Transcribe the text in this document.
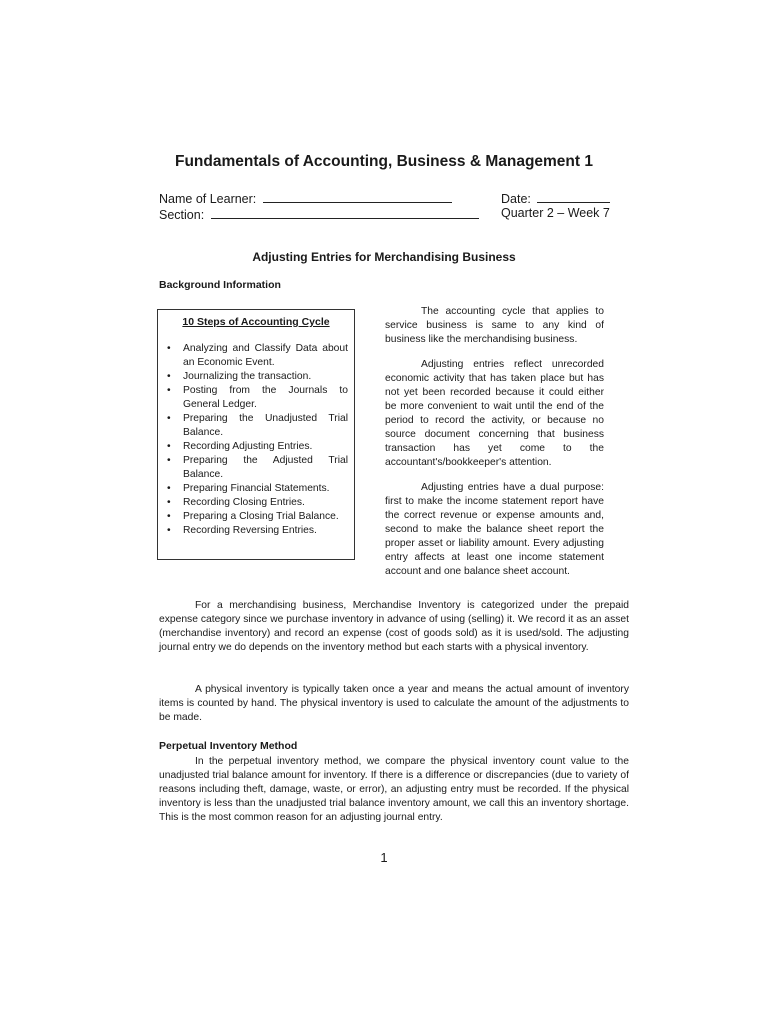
Fundamentals of Accounting, Business & Management 1
Name of Learner:
Section:
Date:
Quarter 2 – Week 7
Adjusting Entries for Merchandising Business
Background Information
10 Steps of Accounting Cycle
• Analyzing and Classify Data about an Economic Event.
• Journalizing the transaction.
• Posting from the Journals to General Ledger.
• Preparing the Unadjusted Trial Balance.
• Recording Adjusting Entries.
• Preparing the Adjusted Trial Balance.
• Preparing Financial Statements.
• Recording Closing Entries.
• Preparing a Closing Trial Balance.
• Recording Reversing Entries.

The accounting cycle that applies to service business is same to any kind of business like the merchandising business.

Adjusting entries reflect unrecorded economic activity that has taken place but has not yet been recorded because it could either be more convenient to wait until the end of the period to record the activity, or because no source document concerning that business transaction has yet come to the accountant's/bookkeeper's attention.

Adjusting entries have a dual purpose: first to make the income statement report have the correct revenue or expense amounts and, second to make the balance sheet report the proper asset or liability amount. Every adjusting entry affects at least one income statement account and one balance sheet account.

For a merchandising business, Merchandise Inventory is categorized under the prepaid expense category since we purchase inventory in advance of using (selling) it. We record it as an asset (merchandise inventory) and record an expense (cost of goods sold) as it is used/sold. The adjusting journal entry we do depends on the inventory method but each starts with a physical inventory.

A physical inventory is typically taken once a year and means the actual amount of inventory items is counted by hand. The physical inventory is used to calculate the amount of the adjustments to be made.

Perpetual Inventory Method

In the perpetual inventory method, we compare the physical inventory count value to the unadjusted trial balance amount for inventory. If there is a difference or discrepancies (due to variety of reasons including theft, damage, waste, or error), an adjusting entry must be recorded. If the physical inventory is less than the unadjusted trial balance inventory amount, we call this an inventory shortage. This is the most common reason for an adjusting journal entry.

1
